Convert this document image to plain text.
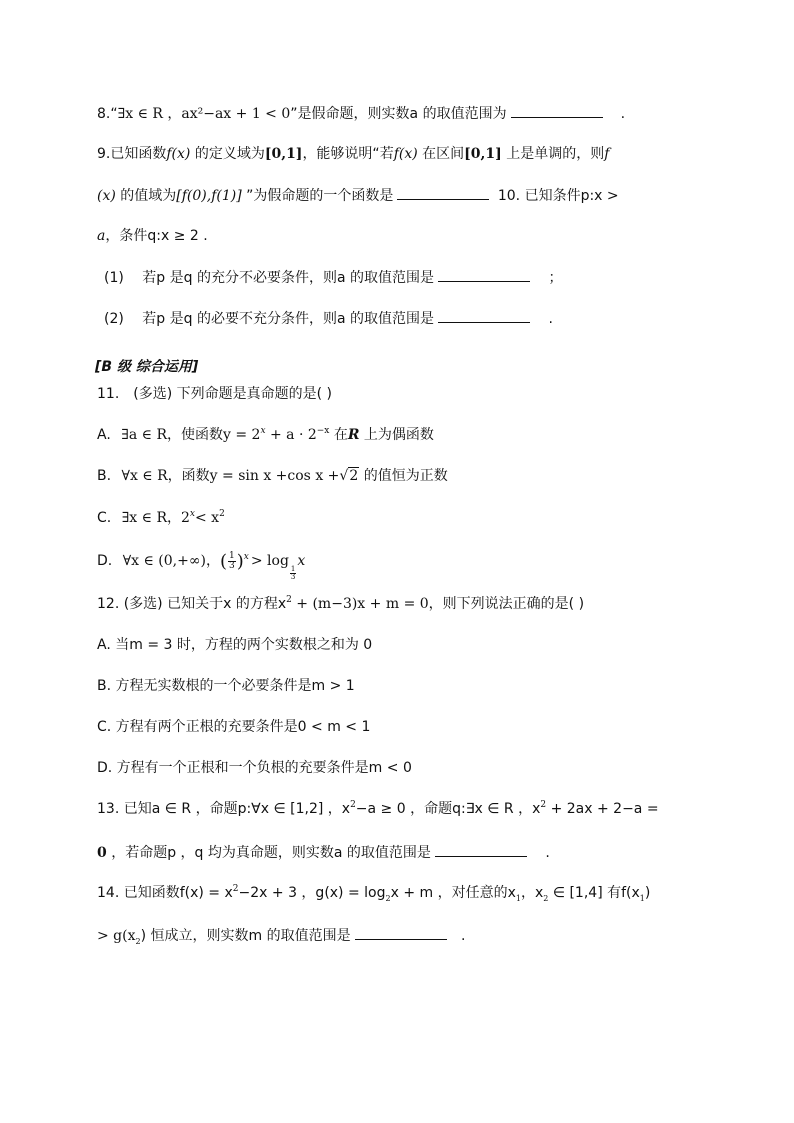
8.“∃x ∈ R ，ax²−ax + 1 < 0”是假命题，则实数a 的取值范围为	.
9.已知函数f(x) 的定义域为[0,1]，能够说明“若f(x) 在区间[0,1] 上是单调的，则f
(x) 的值域为[f(0),f(1)] ”为假命题的一个函数是	10. 已知条件p:x >
a，条件q:x ≥ 2 .
(1) 若p 是q 的充分不必要条件，则a 的取值范围是	；
(2) 若p 是q 的必要不充分条件，则a 的取值范围是	.
[B 级 综合运用]
11.　(多选) 下列命题是真命题的是( )
A. ∃a ∈ R，使函数$y = 2^x + a \cdot 2^{-x}$ 在R 上为偶函数
B. ∀x ∈ R，函数y = sin x +cos x +√2 的值恒为正数
C. ∃x ∈ R，$2^x< x^2$
D. ∀x ∈ (0,+∞)，( $\frac{1}{3} )^x > \log$
$\frac{1}{3}$
x
12. (多选) 已知关于x 的方程$x^2 + (m-3)x + m = 0$，则下列说法正确的是( )
A. 当m = 3 时，方程的两个实数根之和为 0
B. 方程无实数根的一个必要条件是m > 1
C. 方程有两个正根的充要条件是0 < m < 1
D. 方程有一个正根和一个负根的充要条件是m < 0
13. 已知a ∈ R ，命题p:∀x ∈ [1,2] ，$x^2-a \ge 0$ ，命题q:∃x ∈ R ，$x^2 + 2ax + 2-a$ =
0 ，若命题p ，q 均为真命题，则实数a 的取值范围是	.
14. 已知函数$f(x) = x^2-2x + 3$ ，$g(x) = \log_2x + m$ ，对任意的$x_1$，$x_2$ ∈ [1,4] 有$f(x_1)$
> $g(x_2)$ 恒成立，则实数m 的取值范围是	.
